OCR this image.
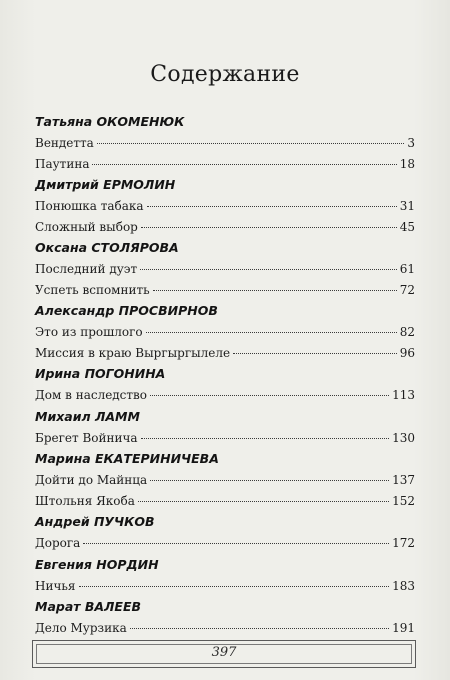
Содержание
Татьяна ОКОМЕНЮК
Вендетта	3
Паутина	18
Дмитрий ЕРМОЛИН
Понюшка табака	31
Сложный выбор	45
Оксана СТОЛЯРОВА
Последний дуэт	61
Успеть вспомнить	72
Александр ПРОСВИРНОВ
Это из прошлого	82
Миссия в краю Выргыргылеле	96
Ирина ПОГОНИНА
Дом в наследство	113
Михаил ЛАММ
Брегет Войнича	130
Марина ЕКАТЕРИНИЧЕВА
Дойти до Майнца	137
Штольня Якоба	152
Андрей ПУЧКОВ
Дорога	172
Евгения НОРДИН
Ничья	183
Марат ВАЛЕЕВ
Дело Мурзика	191
397
